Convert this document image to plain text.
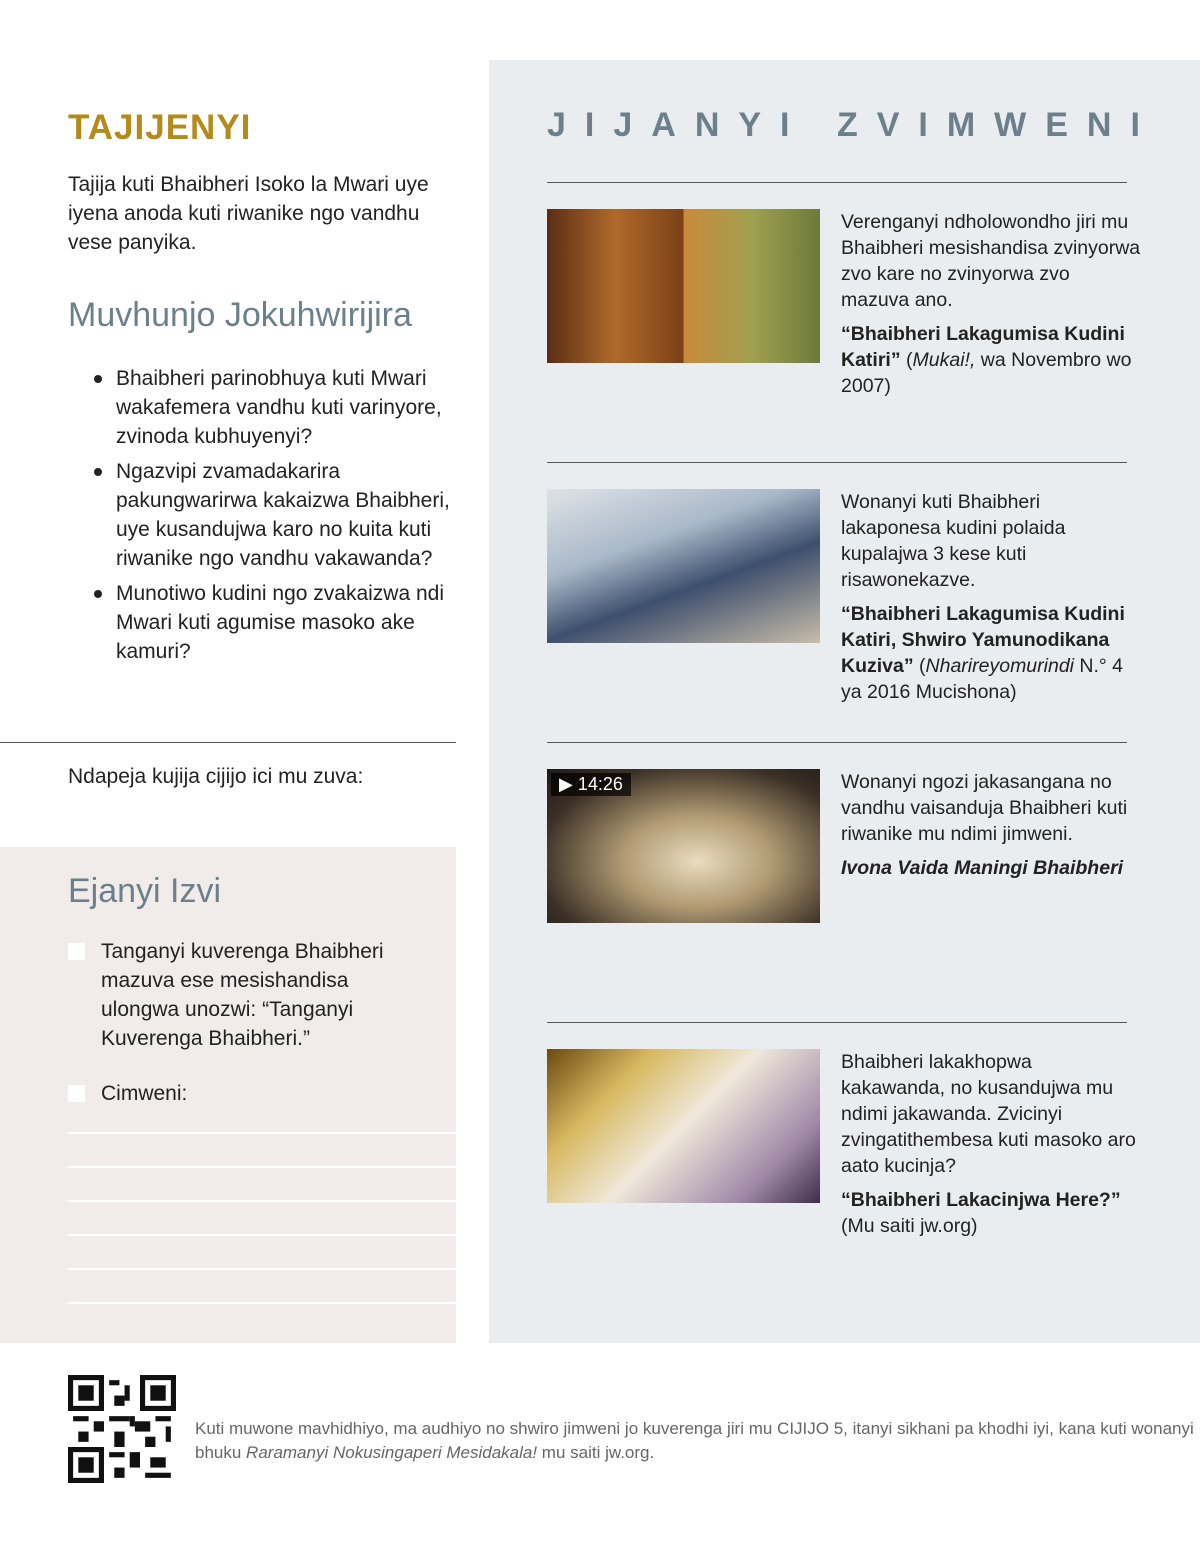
TAJIJENYI

Tajija kuti Bhaibheri Isoko la Mwari uye iyena anoda kuti riwanike ngo vandhu vese panyika.

Muvhunjo Jokuhwirijira
Bhaibheri parinobhuya kuti Mwari wakafemera vandhu kuti varinyore, zvinoda kubhuyenyi?
Ngazvipi zvamadakarira pakungwarirwa kakaizwa Bhaibheri, uye kusandujwa karo no kuita kuti riwanike ngo vandhu vakawanda?
Munotiwo kudini ngo zvakaizwa ndi Mwari kuti agumise masoko ake kamuri?

Ndapeja kujija cijijo ici mu zuva:

Ejanyi Izvi
Tanganyi kuverenga Bhaibheri mazuva ese mesishandisa ulongwa unozwi: “Tanganyi Kuverenga Bhaibheri.”
Cimweni:
JIJANYI ZVIMWENI

Verenganyi ndholowondho jiri mu Bhaibheri mesishandisa zvinyorwa zvo kare no zvinyorwa zvo mazuva ano.

“Bhaibheri Lakagumisa Kudini Katiri” (Mukai!, wa Novembro wo 2007)

Wonanyi kuti Bhaibheri lakaponesa kudini polaida kupalajwa 3 kese kuti risawonekazve.

“Bhaibheri Lakagumisa Kudini Katiri, Shwiro Yamunodikana Kuziva” (Nharireyomurindi N.° 4 ya 2016 Mucishona)

▶ 14:26	Wonanyi ngozi jakasangana no vandhu vaisanduja Bhaibheri kuti riwanike mu ndimi jimweni.

Ivona Vaida Maningi Bhaibheri

Bhaibheri lakakhopwa kakawanda, no kusandujwa mu ndimi jakawanda. Zvicinyi zvingatithembesa kuti masoko aro aato kucinja?

“Bhaibheri Lakacinjwa Here?”
(Mu saiti jw.org)

Kuti muwone mavhidhiyo, ma audhiyo no shwiro jimweni jo kuverenga jiri mu CIJIJO 5, itanyi sikhani pa khodhi iyi, kana kuti wonanyi bhuku Raramanyi Nokusingaperi Mesidakala! mu saiti jw.org.
